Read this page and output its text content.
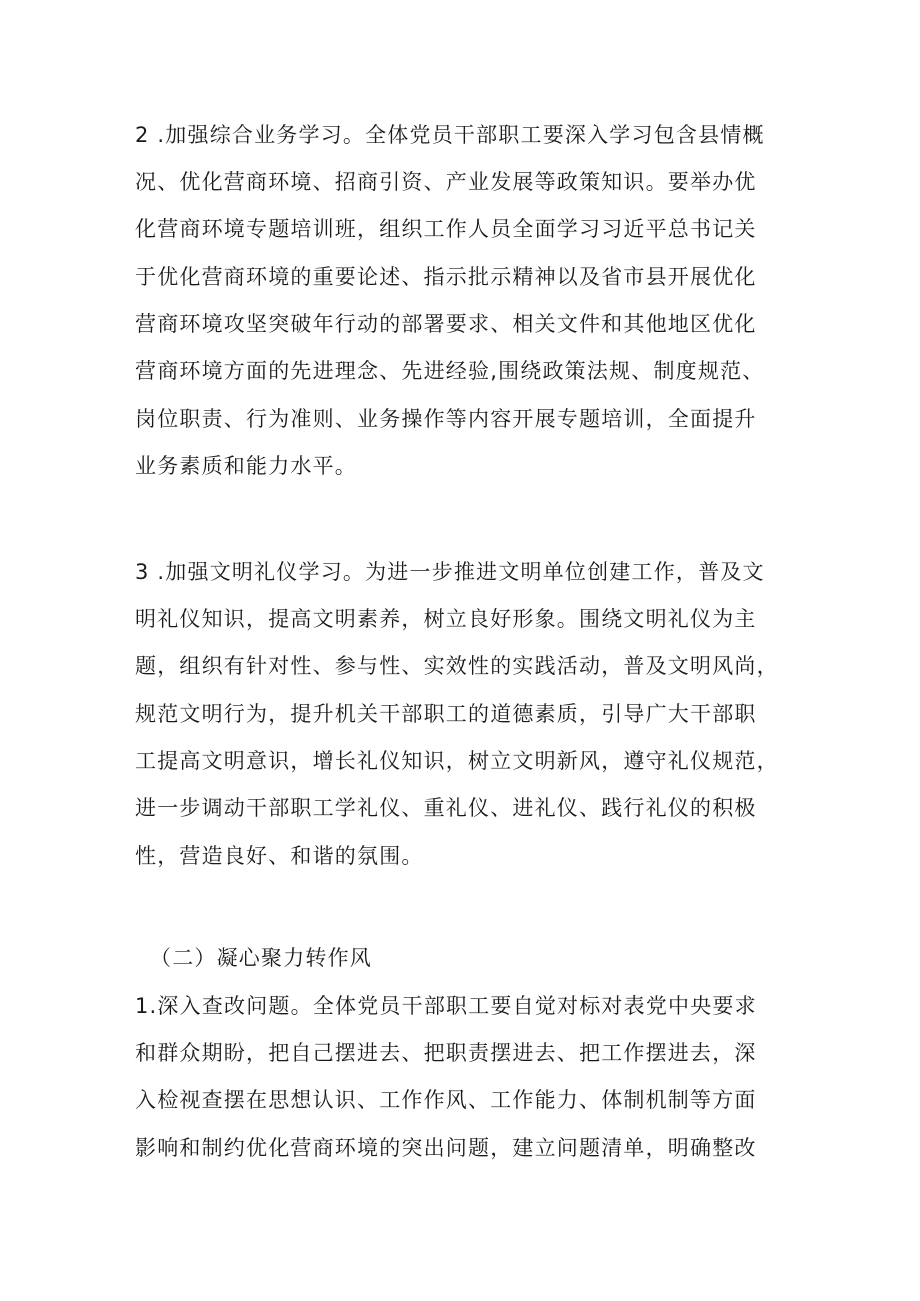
2 .加强综合业务学习。全体党员干部职工要深入学习包含县情概
况、优化营商环境、招商引资、产业发展等政策知识。要举办优
化营商环境专题培训班，组织工作人员全面学习习近平总书记关
于优化营商环境的重要论述、指示批示精神以及省市县开展优化
营商环境攻坚突破年行动的部署要求、相关文件和其他地区优化
营商环境方面的先进理念、先进经验,围绕政策法规、制度规范、
岗位职责、行为准则、业务操作等内容开展专题培训，全面提升
业务素质和能力水平。
3 .加强文明礼仪学习。为进一步推进文明单位创建工作，普及文
明礼仪知识，提高文明素养，树立良好形象。围绕文明礼仪为主
题，组织有针对性、参与性、实效性的实践活动，普及文明风尚，
规范文明行为，提升机关干部职工的道德素质，引导广大干部职
工提高文明意识，增长礼仪知识，树立文明新风，遵守礼仪规范，
进一步调动干部职工学礼仪、重礼仪、进礼仪、践行礼仪的积极
性，营造良好、和谐的氛围。
（二）凝心聚力转作风
1.深入查改问题。全体党员干部职工要自觉对标对表党中央要求
和群众期盼，把自己摆进去、把职责摆进去、把工作摆进去，深
入检视查摆在思想认识、工作作风、工作能力、体制机制等方面
影响和制约优化营商环境的突出问题，建立问题清单，明确整改
